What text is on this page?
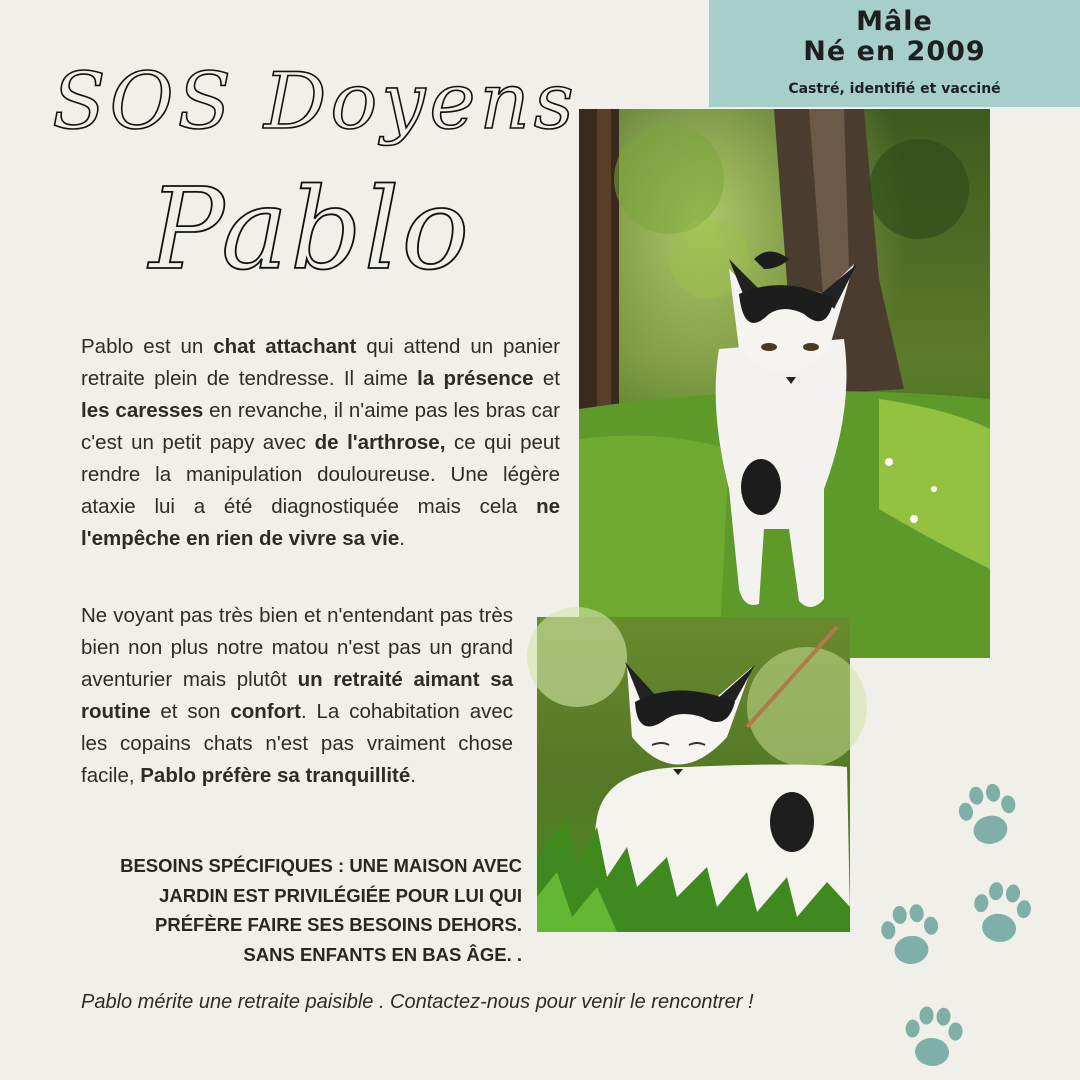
Mâle
Né en 2009
Castré, identifié et vacciné
SOS Doyens
Pablo
Pablo est un chat attachant qui attend un panier retraite plein de tendresse. Il aime la présence et les caresses en revanche, il n'aime pas les bras car c'est un petit papy avec de l'arthrose, ce qui peut rendre la manipulation douloureuse. Une légère ataxie lui a été diagnostiquée mais cela ne l'empêche en rien de vivre sa vie.
Ne voyant pas très bien et n'entendant pas très bien non plus notre matou n'est pas un grand aventurier mais plutôt un retraité aimant sa routine et son confort. La cohabitation avec les copains chats n'est pas vraiment chose facile, Pablo préfère sa tranquillité.
BESOINS SPÉCIFIQUES : UNE MAISON AVEC
JARDIN EST PRIVILÉGIÉE POUR LUI QUI
PRÉFÈRE FAIRE SES BESOINS DEHORS.
SANS ENFANTS EN BAS ÂGE. .
Pablo mérite une retraite paisible . Contactez-nous pour venir le rencontrer !
